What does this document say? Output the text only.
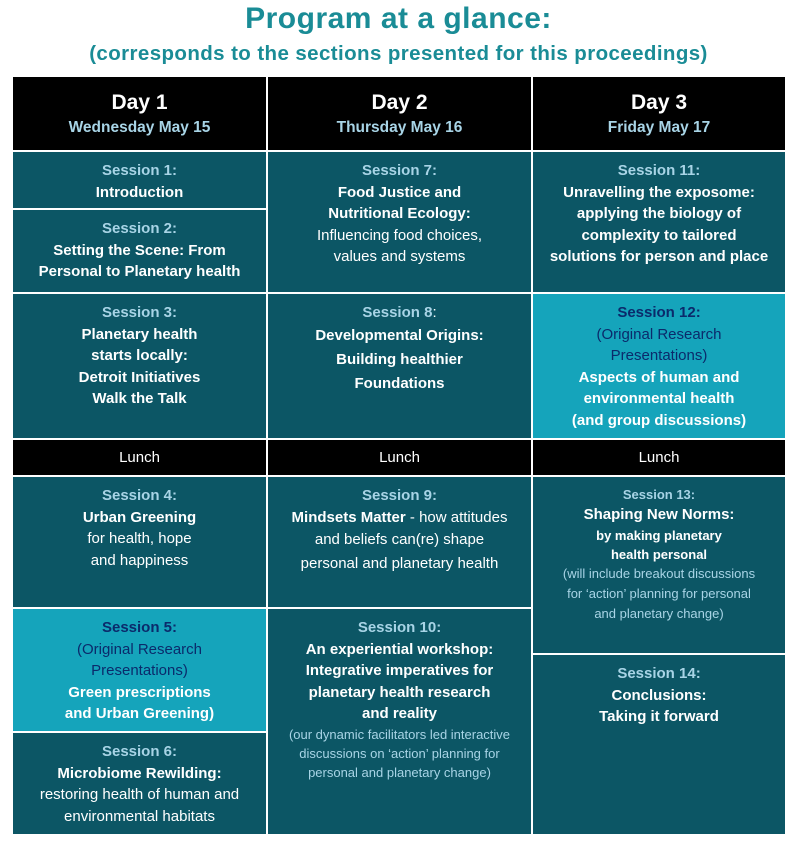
Program at a glance:
(corresponds to the sections presented for this proceedings)
Day 1
Wednesday May 15
Day 2
Thursday May 16
Day 3
Friday May 17
Session 1:
Introduction
Session 2:
Setting the Scene: From
Personal to Planetary health
Session 3:
Planetary health
starts locally:
Detroit Initiatives
Walk the Talk
Lunch
Session 4:
Urban Greening
for health, hope
and happiness
Session 5:
(Original Research
Presentations)
Green prescriptions
and Urban Greening)
Session 6:
Microbiome Rewilding:
restoring health of human and
environmental habitats
Session 7:
Food Justice and
Nutritional Ecology:
Influencing food choices,
values and systems
Session 8:
Developmental Origins:
Building healthier
Foundations
Lunch
Session 9:
Mindsets Matter - how attitudes
and beliefs can(re) shape
personal and planetary health
Session 10:
An experiential workshop:
Integrative imperatives for
planetary health research
and reality
(our dynamic facilitators led interactive
discussions on ‘action’ planning for
personal and planetary change)
Session 11:
Unravelling the exposome:
applying the biology of
complexity to tailored
solutions for person and place
Session 12:
(Original Research
Presentations)
Aspects of human and
environmental health
(and group discussions)
Lunch
Session 13:
Shaping New Norms:
by making planetary
health personal
(will include breakout discussions
for ‘action’ planning for personal
and planetary change)
Session 14:
Conclusions:
Taking it forward
